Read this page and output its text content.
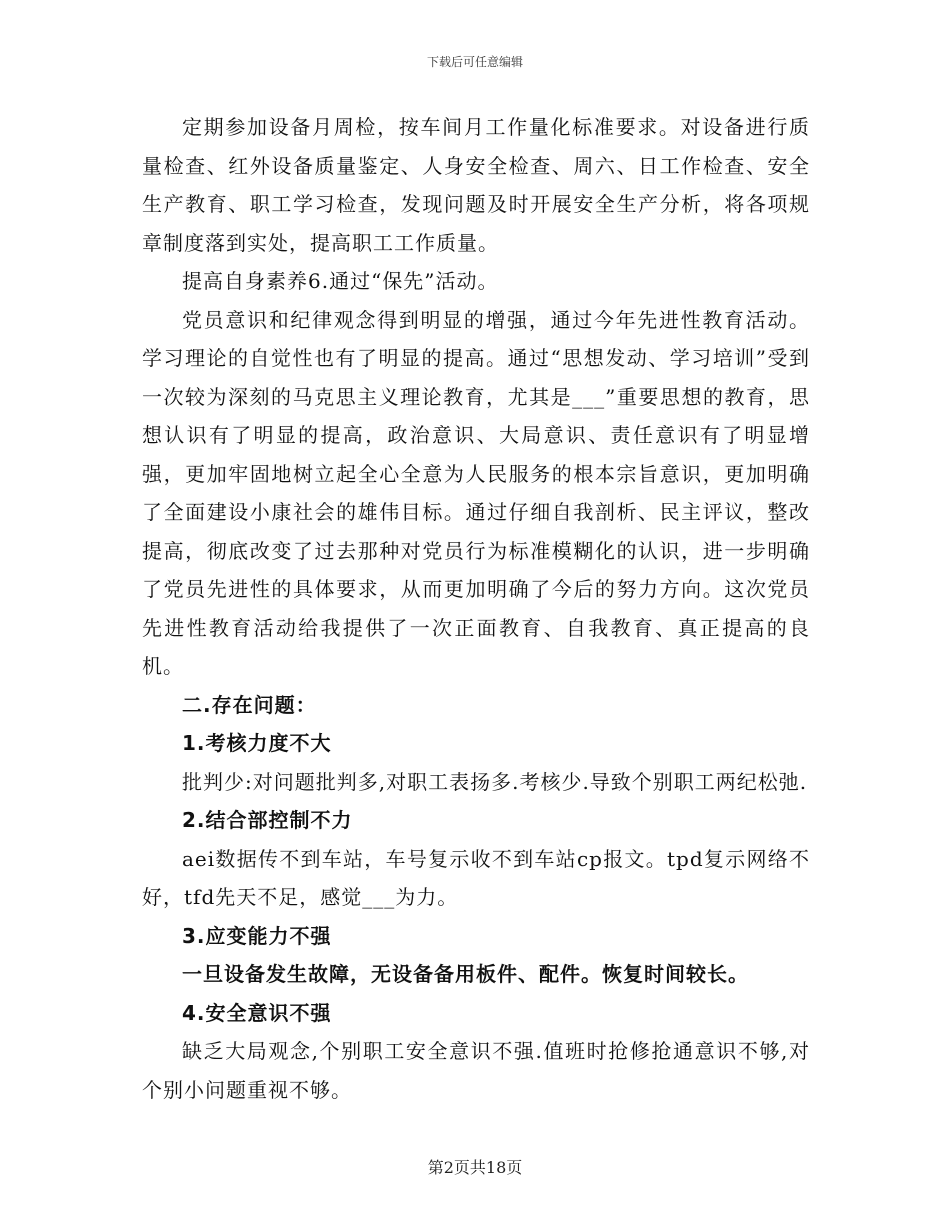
下载后可任意编辑

定期参加设备月周检，按车间月工作量化标准要求。对设备进行质量检查、红外设备质量鉴定、人身安全检查、周六、日工作检查、安全生产教育、职工学习检查，发现问题及时开展安全生产分析，将各项规章制度落到实处，提高职工工作质量。

提高自身素养6.通过“保先”活动。

党员意识和纪律观念得到明显的增强，通过今年先进性教育活动。学习理论的自觉性也有了明显的提高。通过“思想发动、学习培训”受到一次较为深刻的马克思主义理论教育，尤其是___”重要思想的教育，思想认识有了明显的提高，政治意识、大局意识、责任意识有了明显增强，更加牢固地树立起全心全意为人民服务的根本宗旨意识，更加明确了全面建设小康社会的雄伟目标。通过仔细自我剖析、民主评议，整改提高，彻底改变了过去那种对党员行为标准模糊化的认识，进一步明确了党员先进性的具体要求，从而更加明确了今后的努力方向。这次党员先进性教育活动给我提供了一次正面教育、自我教育、真正提高的良机。

二.存在问题：

1.考核力度不大

批判少:对问题批判多,对职工表扬多.考核少.导致个别职工两纪松弛.

2.结合部控制不力

aei数据传不到车站，车号复示收不到车站cp报文。tpd复示网络不好，tfd先天不足，感觉___为力。

3.应变能力不强

一旦设备发生故障，无设备备用板件、配件。恢复时间较长。

4.安全意识不强

缺乏大局观念,个别职工安全意识不强.值班时抢修抢通意识不够,对个别小问题重视不够。

第2页共18页
